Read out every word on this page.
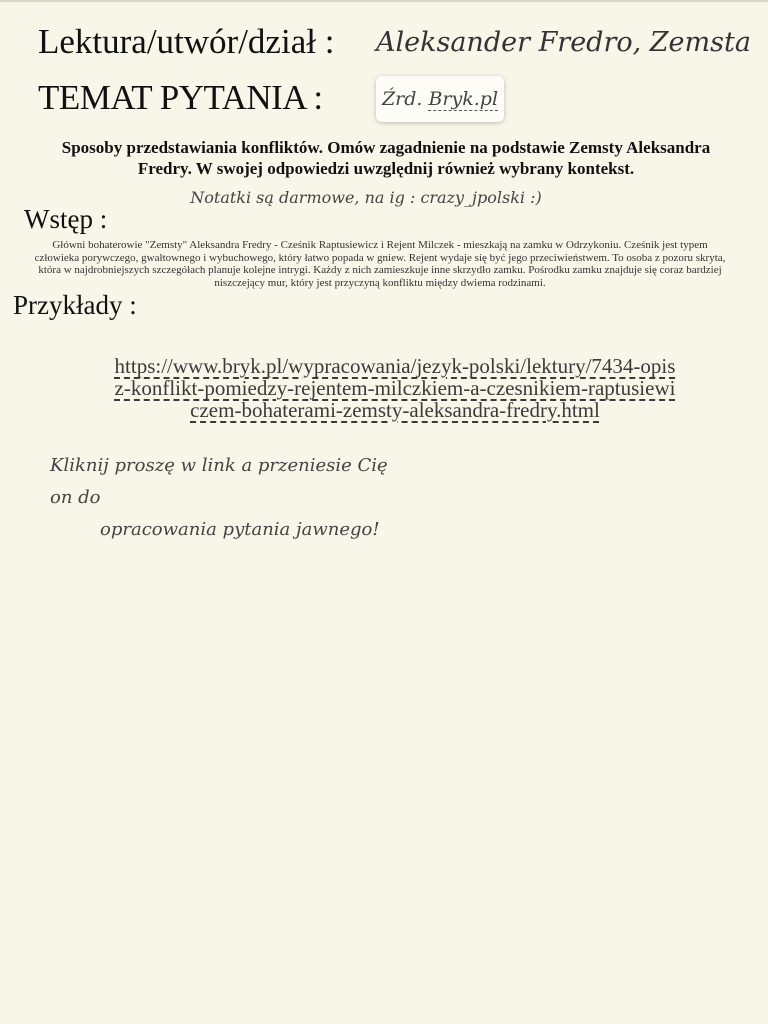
Lektura/utwór/dział : Aleksander Fredro, Zemsta
TEMAT PYTANIA :	Źrd. Bryk.pl
Sposoby przedstawiania konfliktów. Omów zagadnienie na podstawie Zemsty Aleksandra Fredry. W swojej odpowiedzi uwzględnij również wybrany kontekst.
Notatki są darmowe, na ig : crazy_jpolski :)
Wstęp :
Główni bohaterowie "Zemsty" Aleksandra Fredry - Cześnik Raptusiewicz i Rejent Milczek - mieszkają na zamku w Odrzykoniu. Cześnik jest typem człowieka porywczego, gwałtownego i wybuchowego, który łatwo popada w gniew. Rejent wydaje się być jego przeciwieństwem. To osoba z pozoru skryta, która w najdrobniejszych szczegółach planuje kolejne intrygi. Każdy z nich zamieszkuje inne skrzydło zamku. Pośrodku zamku znajduje się coraz bardziej niszczejący mur, który jest przyczyną konfliktu między dwiema rodzinami.
Przykłady :
https://www.bryk.pl/wypracowania/jezyk-polski/lektury/7434-opisz-konflikt-pomiedzy-rejentem-milczkiem-a-czesnikiem-raptusiewiczem-bohaterami-zemsty-aleksandra-fredry.html
Kliknij proszę w link a przeniesie Cię on do
opracowania pytania jawnego!
